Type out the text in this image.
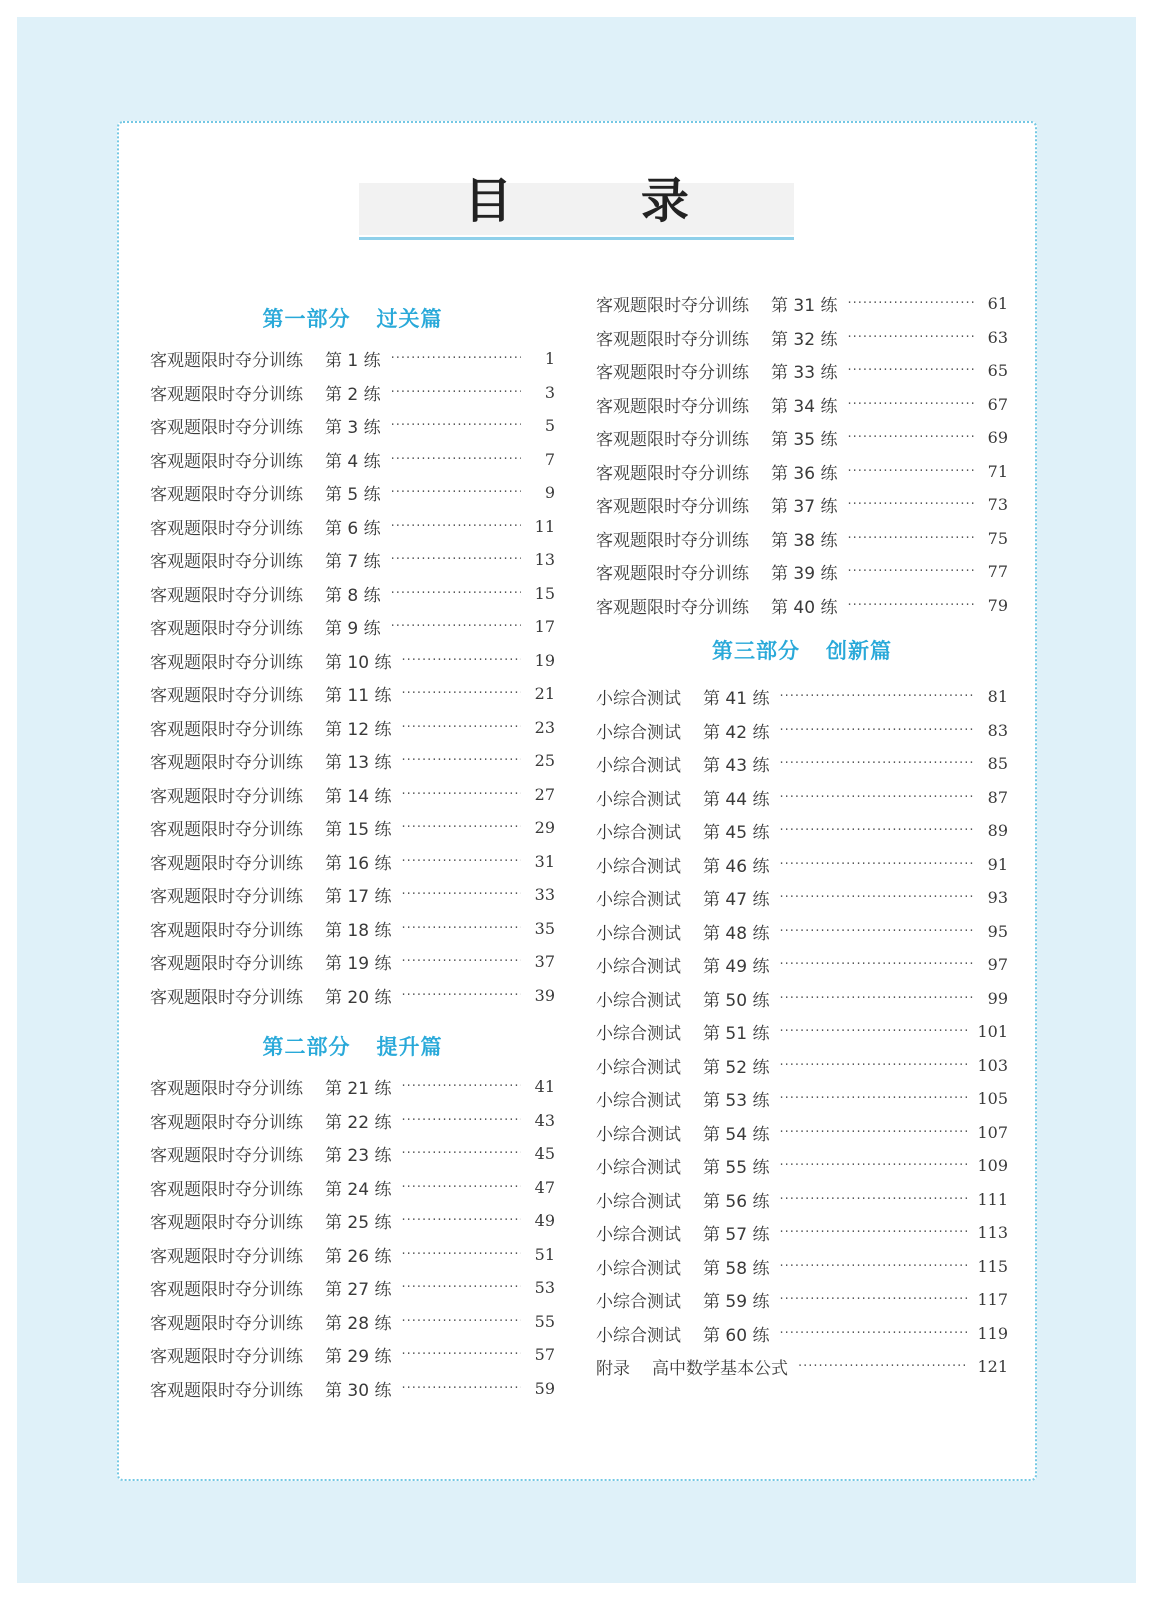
目 录
第一部分 过关篇
客观题限时夺分训练 第 1 练 ·····	1
客观题限时夺分训练 第 2 练 ·····	3
客观题限时夺分训练 第 3 练 ·····	5
客观题限时夺分训练 第 4 练 ·····	7
客观题限时夺分训练 第 5 练 ·····	9
客观题限时夺分训练 第 6 练 ·····	11
客观题限时夺分训练 第 7 练 ·····	13
客观题限时夺分训练 第 8 练 ·····	15
客观题限时夺分训练 第 9 练 ·····	17
客观题限时夺分训练 第 10 练 ·····	19
客观题限时夺分训练 第 11 练 ·····	21
客观题限时夺分训练 第 12 练 ·····	23
客观题限时夺分训练 第 13 练 ·····	25
客观题限时夺分训练 第 14 练 ·····	27
客观题限时夺分训练 第 15 练 ·····	29
客观题限时夺分训练 第 16 练 ·····	31
客观题限时夺分训练 第 17 练 ·····	33
客观题限时夺分训练 第 18 练 ·····	35
客观题限时夺分训练 第 19 练 ·····	37
客观题限时夺分训练 第 20 练 ·····	39
第二部分 提升篇
客观题限时夺分训练 第 21 练 ·····	41
客观题限时夺分训练 第 22 练 ·····	43
客观题限时夺分训练 第 23 练 ·····	45
客观题限时夺分训练 第 24 练 ·····	47
客观题限时夺分训练 第 25 练 ·····	49
客观题限时夺分训练 第 26 练 ·····	51
客观题限时夺分训练 第 27 练 ·····	53
客观题限时夺分训练 第 28 练 ·····	55
客观题限时夺分训练 第 29 练 ·····	57
客观题限时夺分训练 第 30 练 ·····	59
客观题限时夺分训练 第 31 练 ·····	61
客观题限时夺分训练 第 32 练 ·····	63
客观题限时夺分训练 第 33 练 ·····	65
客观题限时夺分训练 第 34 练 ·····	67
客观题限时夺分训练 第 35 练 ·····	69
客观题限时夺分训练 第 36 练 ·····	71
客观题限时夺分训练 第 37 练 ·····	73
客观题限时夺分训练 第 38 练 ·····	75
客观题限时夺分训练 第 39 练 ·····	77
客观题限时夺分训练 第 40 练 ·····	79
第三部分 创新篇
小综合测试 第 41 练 ·····	81
小综合测试 第 42 练 ·····	83
小综合测试 第 43 练 ·····	85
小综合测试 第 44 练 ·····	87
小综合测试 第 45 练 ·····	89
小综合测试 第 46 练 ·····	91
小综合测试 第 47 练 ·····	93
小综合测试 第 48 练 ·····	95
小综合测试 第 49 练 ·····	97
小综合测试 第 50 练 ·····	99
小综合测试 第 51 练 ·····	101
小综合测试 第 52 练 ·····	103
小综合测试 第 53 练 ·····	105
小综合测试 第 54 练 ·····	107
小综合测试 第 55 练 ·····	109
小综合测试 第 56 练 ·····	111
小综合测试 第 57 练 ·····	113
小综合测试 第 58 练 ·····	115
小综合测试 第 59 练 ·····	117
小综合测试 第 60 练 ·····	119
附录 高中数学基本公式 ·····	121
